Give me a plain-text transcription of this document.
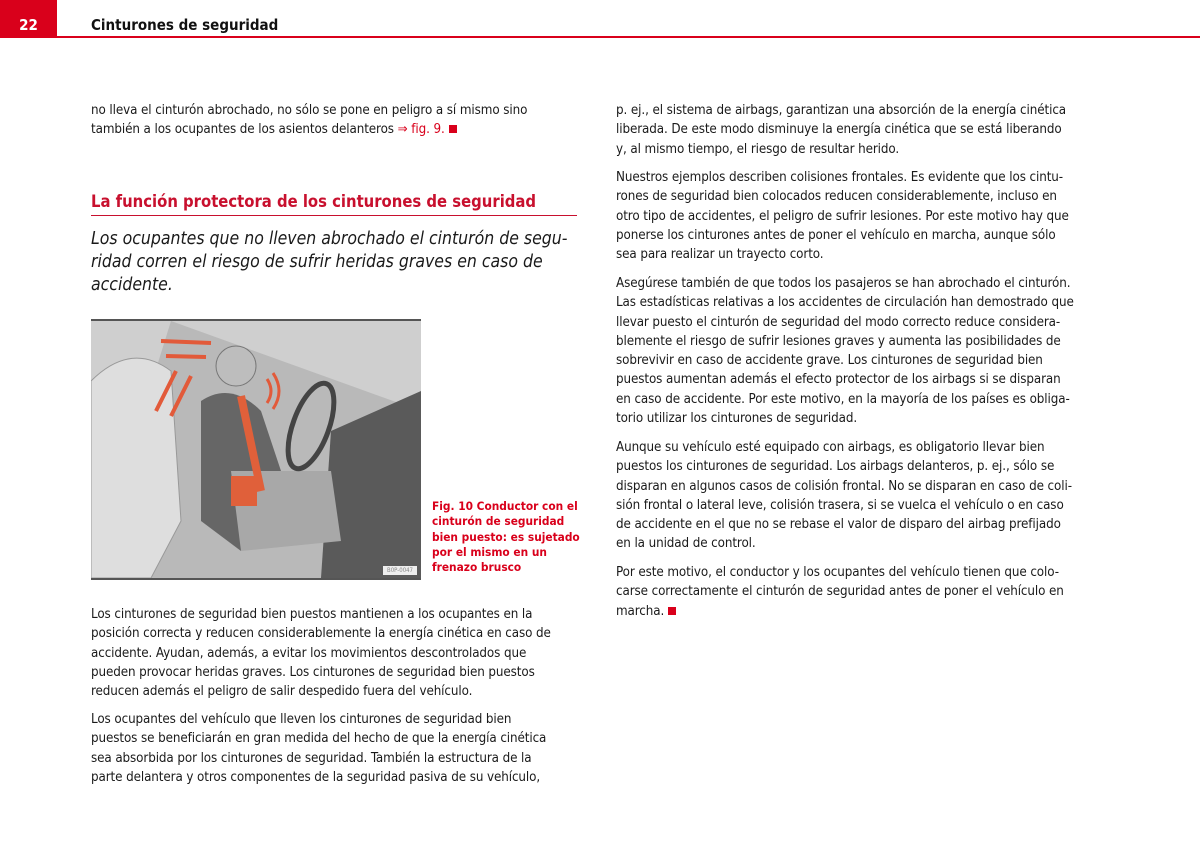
22	Cinturones de seguridad
no lleva el cinturón abrochado, no sólo se pone en peligro a sí mismo sino
también a los ocupantes de los asientos delanteros ⇒ fig. 9.
La función protectora de los cinturones de seguridad
Los ocupantes que no lleven abrochado el cinturón de segu-
ridad corren el riesgo de sufrir heridas graves en caso de
accidente.
B0P-0047
Fig. 10 Conductor con el
cinturón de seguridad
bien puesto: es sujetado
por el mismo en un
frenazo brusco
Los cinturones de seguridad bien puestos mantienen a los ocupantes en la
posición correcta y reducen considerablemente la energía cinética en caso de
accidente. Ayudan, además, a evitar los movimientos descontrolados que
pueden provocar heridas graves. Los cinturones de seguridad bien puestos
reducen además el peligro de salir despedido fuera del vehículo.
Los ocupantes del vehículo que lleven los cinturones de seguridad bien
puestos se beneficiarán en gran medida del hecho de que la energía cinética
sea absorbida por los cinturones de seguridad. También la estructura de la
parte delantera y otros componentes de la seguridad pasiva de su vehículo,
p. ej., el sistema de airbags, garantizan una absorción de la energía cinética
liberada. De este modo disminuye la energía cinética que se está liberando
y, al mismo tiempo, el riesgo de resultar herido.
Nuestros ejemplos describen colisiones frontales. Es evidente que los cintu-
rones de seguridad bien colocados reducen considerablemente, incluso en
otro tipo de accidentes, el peligro de sufrir lesiones. Por este motivo hay que
ponerse los cinturones antes de poner el vehículo en marcha, aunque sólo
sea para realizar un trayecto corto.
Asegúrese también de que todos los pasajeros se han abrochado el cinturón.
Las estadísticas relativas a los accidentes de circulación han demostrado que
llevar puesto el cinturón de seguridad del modo correcto reduce considera-
blemente el riesgo de sufrir lesiones graves y aumenta las posibilidades de
sobrevivir en caso de accidente grave. Los cinturones de seguridad bien
puestos aumentan además el efecto protector de los airbags si se disparan
en caso de accidente. Por este motivo, en la mayoría de los países es obliga-
torio utilizar los cinturones de seguridad.
Aunque su vehículo esté equipado con airbags, es obligatorio llevar bien
puestos los cinturones de seguridad. Los airbags delanteros, p. ej., sólo se
disparan en algunos casos de colisión frontal. No se disparan en caso de coli-
sión frontal o lateral leve, colisión trasera, si se vuelca el vehículo o en caso
de accidente en el que no se rebase el valor de disparo del airbag prefijado
en la unidad de control.
Por este motivo, el conductor y los ocupantes del vehículo tienen que colo-
carse correctamente el cinturón de seguridad antes de poner el vehículo en
marcha.
